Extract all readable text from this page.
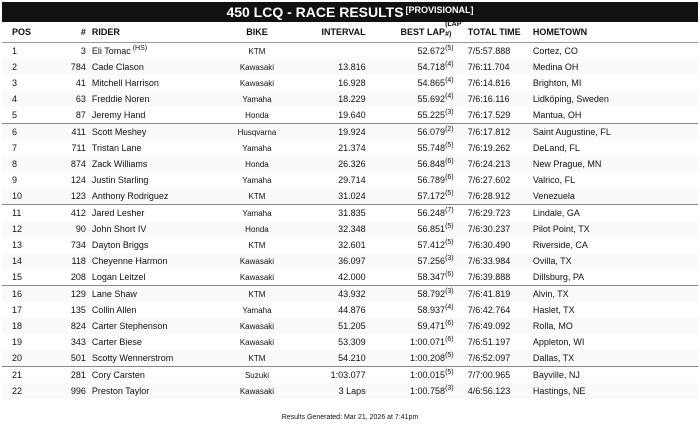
450 LCQ - RACE RESULTS [PROVISIONAL]
POS	#	RIDER	BIKE	INTERVAL	BEST LAP	$^{(LAP \#)}$	TOTAL TIME	HOMETOWN
1	3	Eli Tomac $^{(HS)}$	KTM		52.672	$^{(5)}$	7/5:57.888	Cortez, CO
2	784	Cade Clason	Kawasaki	13.816	54.718	$^{(4)}$	7/6:11.704	Medina OH
3	41	Mitchell Harrison	Kawasaki	16.928	54.865	$^{(4)}$	7/6:14.816	Brighton, MI
4	63	Freddie Noren	Yamaha	18.229	55.692	$^{(4)}$	7/6:16.116	Lidköping, Sweden
5	87	Jeremy Hand	Honda	19.640	55.225	$^{(3)}$	7/6:17.529	Mantua, OH
6	411	Scott Meshey	Husqvarna	19.924	56.079	$^{(2)}$	7/6:17.812	Saint Augustine, FL
7	711	Tristan Lane	Yamaha	21.374	55.748	$^{(5)}$	7/6:19.262	DeLand, FL
8	874	Zack Williams	Honda	26.326	56.848	$^{(6)}$	7/6:24.213	New Prague, MN
9	124	Justin Starling	Yamaha	29.714	56.789	$^{(6)}$	7/6:27.602	Valrico, FL
10	123	Anthony Rodriguez	KTM	31.024	57.172	$^{(5)}$	7/6:28.912	Venezuela
11	412	Jared Lesher	Yamaha	31.835	56.248	$^{(7)}$	7/6:29.723	Lindale, GA
12	90	John Short IV	Honda	32.348	56.851	$^{(5)}$	7/6:30.237	Pilot Point, TX
13	734	Dayton Briggs	KTM	32.601	57.412	$^{(5)}$	7/6:30.490	Riverside, CA
14	118	Cheyenne Harmon	Kawasaki	36.097	57.256	$^{(3)}$	7/6:33.984	Ovilla, TX
15	208	Logan Leitzel	Kawasaki	42.000	58.347	$^{(6)}$	7/6:39.888	Dillsburg, PA
16	129	Lane Shaw	KTM	43.932	58.792	$^{(3)}$	7/6:41.819	Alvin, TX
17	135	Collin Allen	Yamaha	44.876	58.937	$^{(4)}$	7/6:42.764	Haslet, TX
18	824	Carter Stephenson	Kawasaki	51.205	59.471	$^{(6)}$	7/6:49.092	Rolla, MO
19	343	Carter Biese	Kawasaki	53.309	1:00.071	$^{(6)}$	7/6:51.197	Appleton, WI
20	501	Scotty Wennerstrom	KTM	54.210	1:00.208	$^{(5)}$	7/6:52.097	Dallas, TX
21	281	Cory Carsten	Suzuki	1:03.077	1:00.015	$^{(5)}$	7/7:00.965	Bayville, NJ
22	996	Preston Taylor	Kawasaki	3 Laps	1:00.758	$^{(3)}$	4/6:56.123	Hastings, NE
Results Generated: Mar 21, 2026 at 7:41pm
